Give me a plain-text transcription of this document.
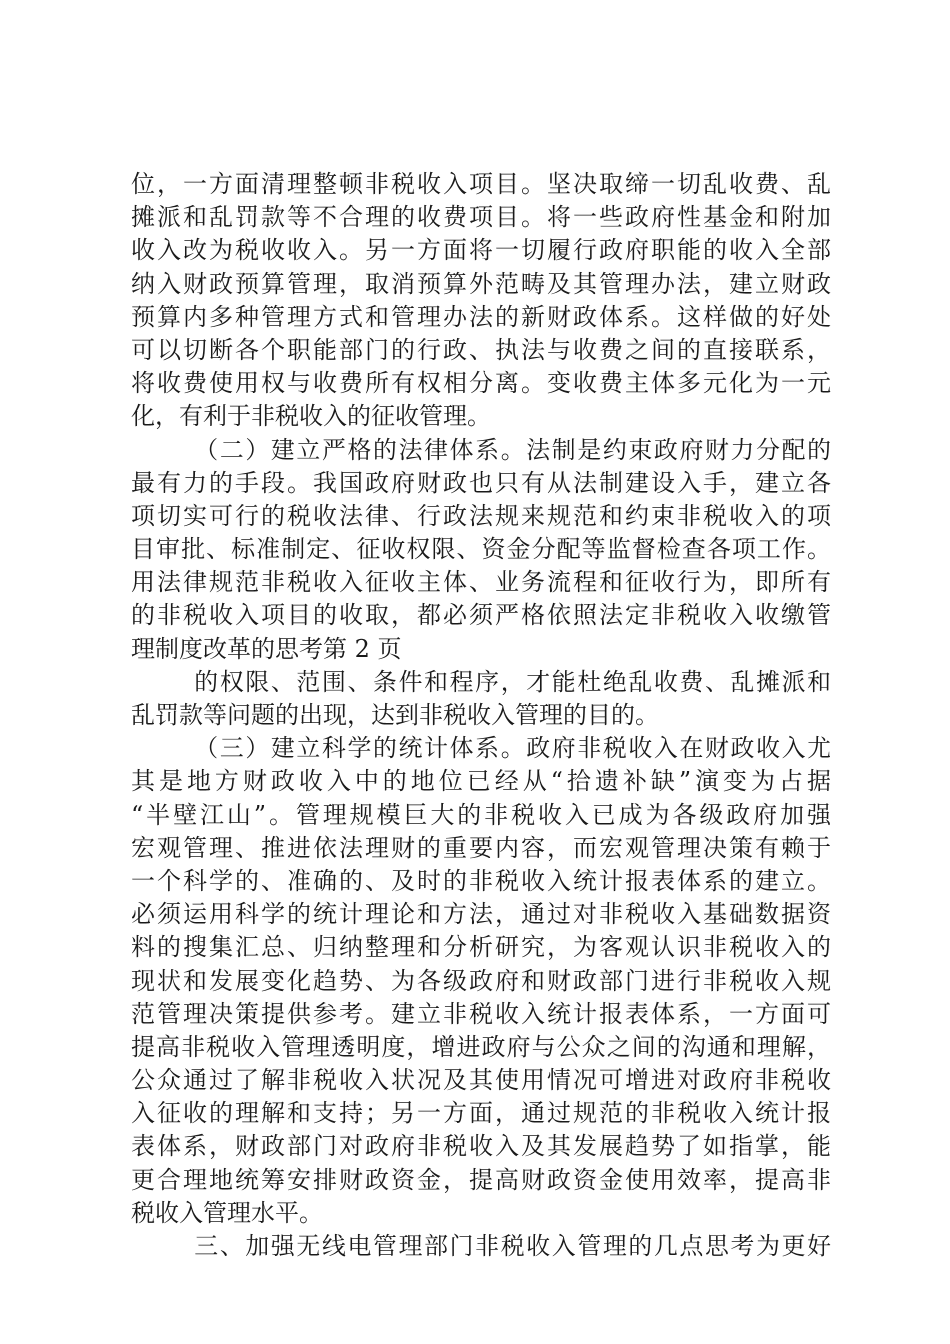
位，一方面清理整顿非税收入项目。坚决取缔一切乱收费、乱
摊派和乱罚款等不合理的收费项目。将一些政府性基金和附加
收入改为税收收入。另一方面将一切履行政府职能的收入全部
纳入财政预算管理，取消预算外范畴及其管理办法，建立财政
预算内多种管理方式和管理办法的新财政体系。这样做的好处
可以切断各个职能部门的行政、执法与收费之间的直接联系，
将收费使用权与收费所有权相分离。变收费主体多元化为一元
化，有利于非税收入的征收管理。
（二）建立严格的法律体系。法制是约束政府财力分配的
最有力的手段。我国政府财政也只有从法制建设入手，建立各
项切实可行的税收法律、行政法规来规范和约束非税收入的项
目审批、标准制定、征收权限、资金分配等监督检查各项工作。
用法律规范非税收入征收主体、业务流程和征收行为，即所有
的非税收入项目的收取，都必须严格依照法定非税收入收缴管
理制度改革的思考第 2 页
的权限、范围、条件和程序，才能杜绝乱收费、乱摊派和
乱罚款等问题的出现，达到非税收入管理的目的。
（三）建立科学的统计体系。政府非税收入在财政收入尤
其是地方财政收入中的地位已经从“拾遗补缺”演变为占据
“半壁江山”。管理规模巨大的非税收入已成为各级政府加强
宏观管理、推进依法理财的重要内容，而宏观管理决策有赖于
一个科学的、准确的、及时的非税收入统计报表体系的建立。
必须运用科学的统计理论和方法，通过对非税收入基础数据资
料的搜集汇总、归纳整理和分析研究，为客观认识非税收入的
现状和发展变化趋势、为各级政府和财政部门进行非税收入规
范管理决策提供参考。建立非税收入统计报表体系，一方面可
提高非税收入管理透明度，增进政府与公众之间的沟通和理解，
公众通过了解非税收入状况及其使用情况可增进对政府非税收
入征收的理解和支持；另一方面，通过规范的非税收入统计报
表体系，财政部门对政府非税收入及其发展趋势了如指掌，能
更合理地统筹安排财政资金，提高财政资金使用效率，提高非
税收入管理水平。
三、加强无线电管理部门非税收入管理的几点思考为更好
